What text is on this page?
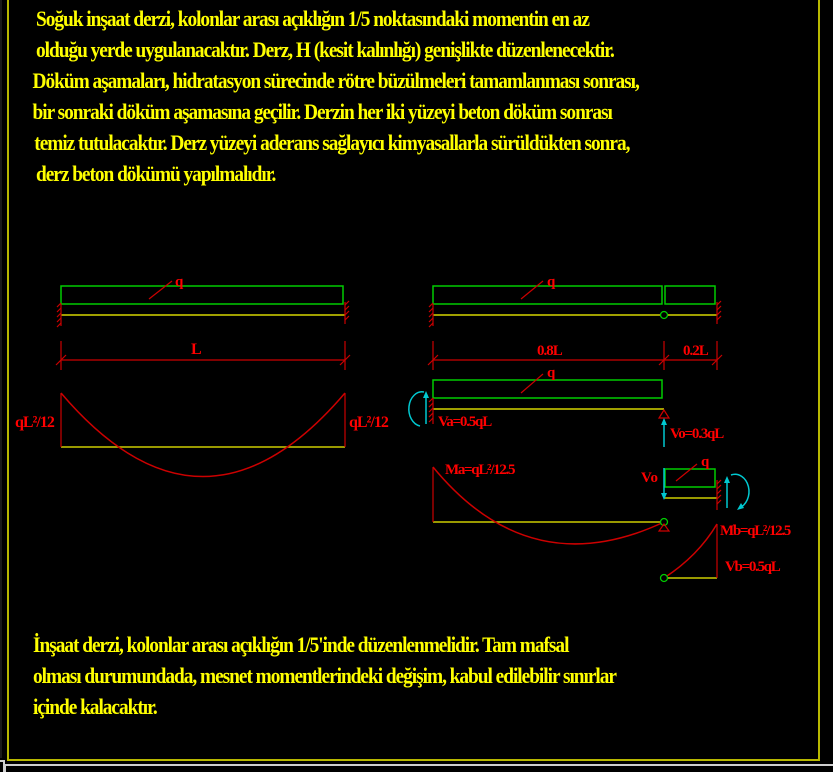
Soğuk inşaat derzi, kolonlar arası açıklığın 1/5 noktasındaki momentin en az
olduğu yerde uygulanacaktır. Derz, H (kesit kalınlığı) genişlikte düzenlenecektir.
Döküm aşamaları, hidratasyon sürecinde rötre büzülmeleri tamamlanması sonrası,
bir sonraki döküm aşamasına geçilir. Derzin her iki yüzeyi beton döküm sonrası
temiz tutulacaktır. Derz yüzeyi aderans sağlayıcı kimyasallarla sürüldükten sonra,
derz beton dökümü yapılmalıdır.
İnşaat derzi, kolonlar arası açıklığın 1/5'inde düzenlenmelidir. Tam mafsal
olması durumundada, mesnet momentlerindeki değişim, kabul edilebilir sınırlar
içinde kalacaktır.
q
L
qL²/12	qL²/12
q
0.8L	0.2L
q
Va=0.5qL
Vo=0.3qL
Ma=qL²/12.5	q
Vo
Mb=qL²/12.5
Vb=0.5qL
